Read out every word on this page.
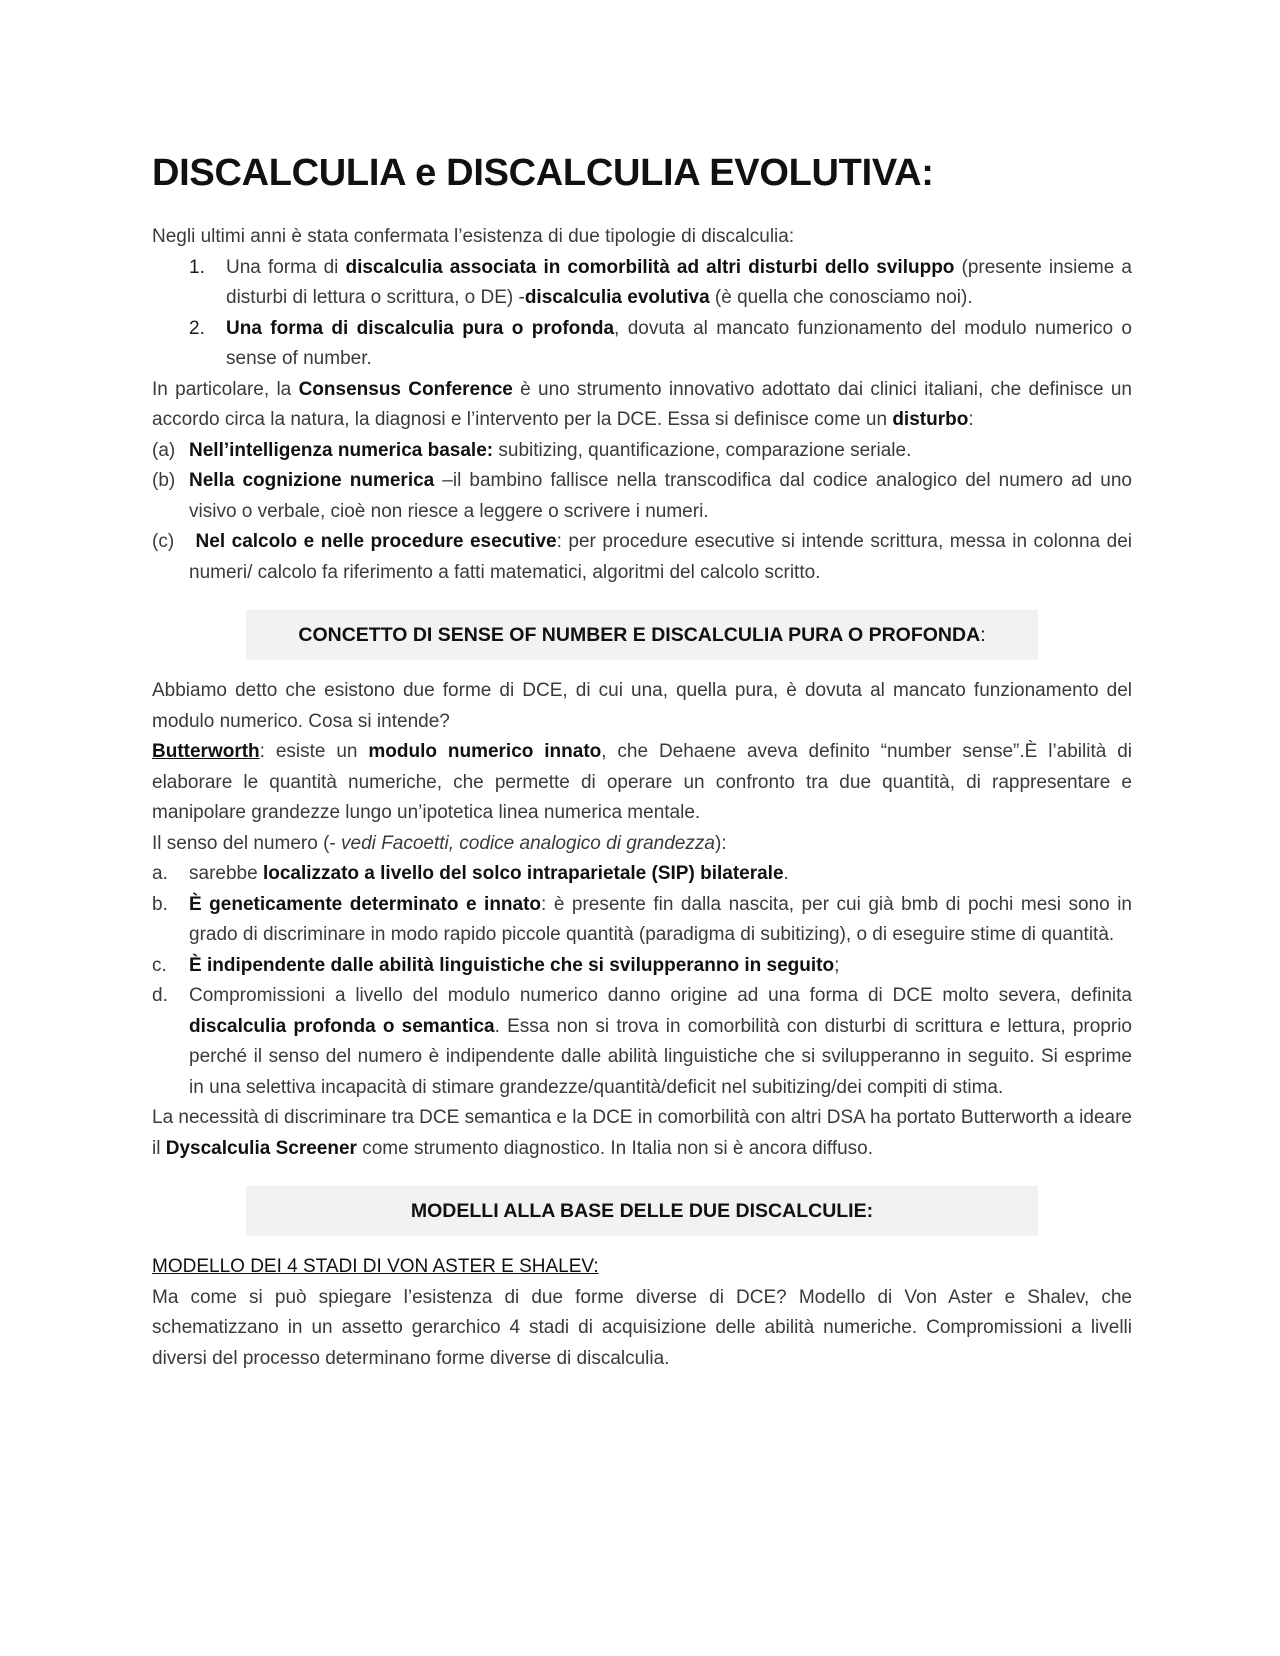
DISCALCULIA e DISCALCULIA EVOLUTIVA:

Negli ultimi anni è stata confermata l’esistenza di due tipologie di discalculia:

1. Una forma di discalculia associata in comorbilità ad altri disturbi dello sviluppo (presente insieme a disturbi di lettura o scrittura, o DE) -discalculia evolutiva (è quella che conosciamo noi).
2. Una forma di discalculia pura o profonda, dovuta al mancato funzionamento del modulo numerico o sense of number.

In particolare, la Consensus Conference è uno strumento innovativo adottato dai clinici italiani, che definisce un accordo circa la natura, la diagnosi e l’intervento per la DCE. Essa si definisce come un disturbo:

(a) Nell’intelligenza numerica basale: subitizing, quantificazione, comparazione seriale.
(b) Nella cognizione numerica –il bambino fallisce nella transcodifica dal codice analogico del numero ad uno visivo o verbale, cioè non riesce a leggere o scrivere i numeri.
(c) Nel calcolo e nelle procedure esecutive: per procedure esecutive si intende scrittura, messa in colonna dei numeri/ calcolo fa riferimento a fatti matematici, algoritmi del calcolo scritto.
CONCETTO DI SENSE OF NUMBER E DISCALCULIA PURA O PROFONDA :

Abbiamo detto che esistono due forme di DCE, di cui una, quella pura, è dovuta al mancato funzionamento del modulo numerico. Cosa si intende?

Butterworth: esiste un modulo numerico innato, che Dehaene aveva definito “number sense”.È l’abilità di elaborare le quantità numeriche, che permette di operare un confronto tra due quantità, di rappresentare e manipolare grandezze lungo un’ipotetica linea numerica mentale.

Il senso del numero (- vedi Facoetti, codice analogico di grandezza):

a. sarebbe localizzato a livello del solco intraparietale (SIP) bilaterale.
b. È geneticamente determinato e innato: è presente fin dalla nascita, per cui già bmb di pochi mesi sono in grado di discriminare in modo rapido piccole quantità (paradigma di subitizing), o di eseguire stime di quantità.
c. È indipendente dalle abilità linguistiche che si svilupperanno in seguito;
d. Compromissioni a livello del modulo numerico danno origine ad una forma di DCE molto severa, definita discalculia profonda o semantica. Essa non si trova in comorbilità con disturbi di scrittura e lettura, proprio perché il senso del numero è indipendente dalle abilità linguistiche che si svilupperanno in seguito. Si esprime in una selettiva incapacità di stimare grandezze/quantità/deficit nel subitizing/dei compiti di stima.

La necessità di discriminare tra DCE semantica e la DCE in comorbilità con altri DSA ha portato Butterworth a ideare il Dyscalculia Screener come strumento diagnostico. In Italia non si è ancora diffuso.

MODELLI ALLA BASE DELLE DUE DISCALCULIE:

MODELLO DEI 4 STADI DI VON ASTER E SHALEV:

Ma come si può spiegare l’esistenza di due forme diverse di DCE? Modello di Von Aster e Shalev, che schematizzano in un assetto gerarchico 4 stadi di acquisizione delle abilità numeriche. Compromissioni a livelli diversi del processo determinano forme diverse di discalculia.
